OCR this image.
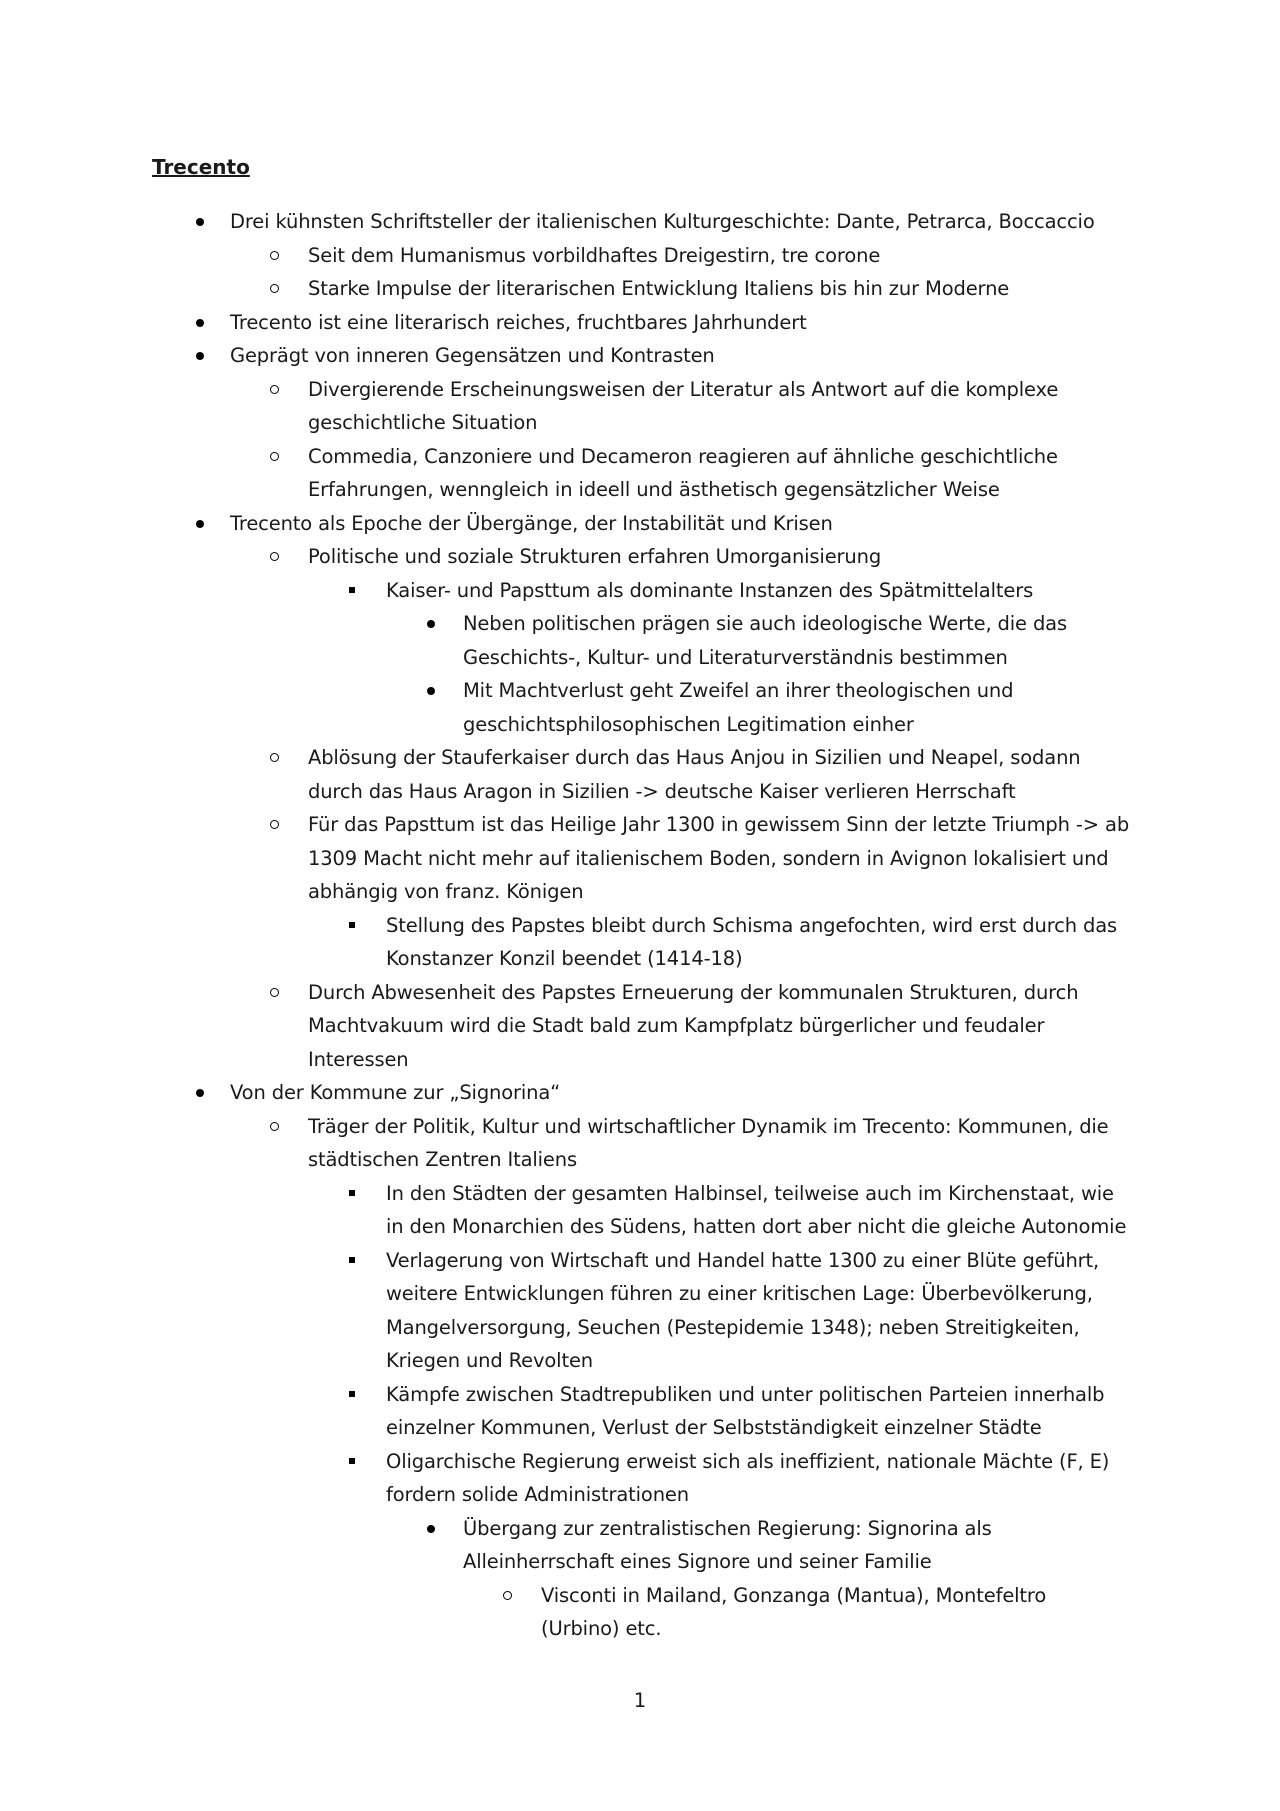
Trecento
Drei kühnsten Schriftsteller der italienischen Kulturgeschichte: Dante, Petrarca, Boccaccio
Seit dem Humanismus vorbildhaftes Dreigestirn, tre corone
Starke Impulse der literarischen Entwicklung Italiens bis hin zur Moderne
Trecento ist eine literarisch reiches, fruchtbares Jahrhundert
Geprägt von inneren Gegensätzen und Kontrasten
Divergierende Erscheinungsweisen der Literatur als Antwort auf die komplexe geschichtliche Situation
Commedia, Canzoniere und Decameron reagieren auf ähnliche geschichtliche Erfahrungen, wenngleich in ideell und ästhetisch gegensätzlicher Weise
Trecento als Epoche der Übergänge, der Instabilität und Krisen
Politische und soziale Strukturen erfahren Umorganisierung
Kaiser- und Papsttum als dominante Instanzen des Spätmittelalters
Neben politischen prägen sie auch ideologische Werte, die das Geschichts-, Kultur- und Literaturverständnis bestimmen
Mit Machtverlust geht Zweifel an ihrer theologischen und geschichtsphilosophischen Legitimation einher
Ablösung der Stauferkaiser durch das Haus Anjou in Sizilien und Neapel, sodann durch das Haus Aragon in Sizilien -> deutsche Kaiser verlieren Herrschaft
Für das Papsttum ist das Heilige Jahr 1300 in gewissem Sinn der letzte Triumph -> ab 1309 Macht nicht mehr auf italienischem Boden, sondern in Avignon lokalisiert und abhängig von franz. Königen
Stellung des Papstes bleibt durch Schisma angefochten, wird erst durch das Konstanzer Konzil beendet (1414-18)
Durch Abwesenheit des Papstes Erneuerung der kommunalen Strukturen, durch Machtvakuum wird die Stadt bald zum Kampfplatz bürgerlicher und feudaler Interessen
Von der Kommune zur „Signorina“
Träger der Politik, Kultur und wirtschaftlicher Dynamik im Trecento: Kommunen, die städtischen Zentren Italiens
In den Städten der gesamten Halbinsel, teilweise auch im Kirchenstaat, wie in den Monarchien des Südens, hatten dort aber nicht die gleiche Autonomie
Verlagerung von Wirtschaft und Handel hatte 1300 zu einer Blüte geführt, weitere Entwicklungen führen zu einer kritischen Lage: Überbevölkerung, Mangelversorgung, Seuchen (Pestepidemie 1348); neben Streitigkeiten, Kriegen und Revolten
Kämpfe zwischen Stadtrepubliken und unter politischen Parteien innerhalb einzelner Kommunen, Verlust der Selbstständigkeit einzelner Städte
Oligarchische Regierung erweist sich als ineffizient, nationale Mächte (F, E) fordern solide Administrationen
Übergang zur zentralistischen Regierung: Signorina als Alleinherrschaft eines Signore und seiner Familie
Visconti in Mailand, Gonzanga (Mantua), Montefeltro (Urbino) etc.
1
